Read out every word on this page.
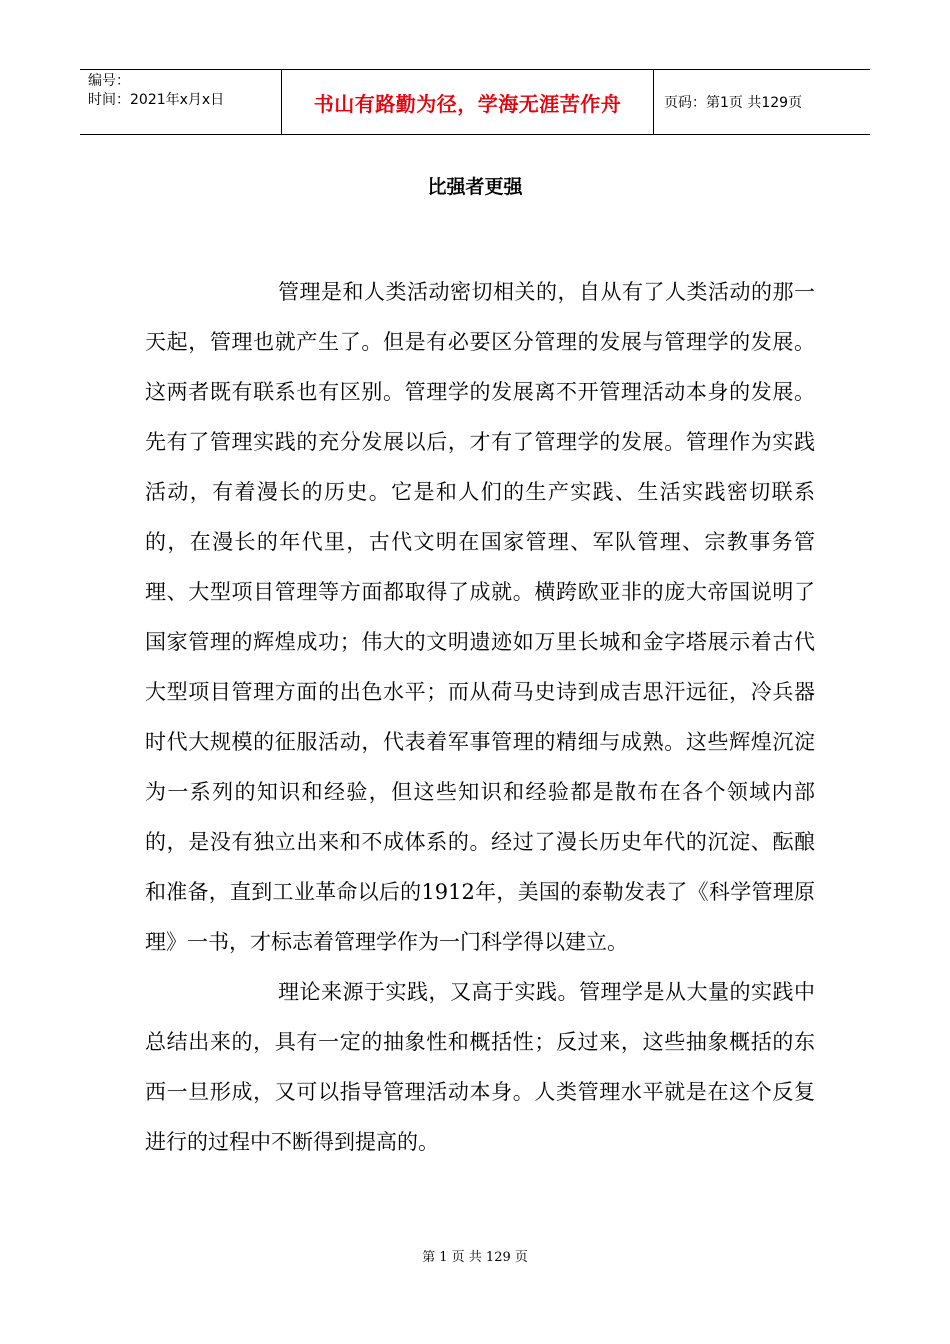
编号：
时间：2021年x月x日	书山有路勤为径，学海无涯苦作舟	页码：第1页 共129页
比强者更强

管理是和人类活动密切相关的，自从有了人类活动的那一天起，管理也就产生了。但是有必要区分管理的发展与管理学的发展。这两者既有联系也有区别。管理学的发展离不开管理活动本身的发展。先有了管理实践的充分发展以后，才有了管理学的发展。管理作为实践活动，有着漫长的历史。它是和人们的生产实践、生活实践密切联系的，在漫长的年代里，古代文明在国家管理、军队管理、宗教事务管理、大型项目管理等方面都取得了成就。横跨欧亚非的庞大帝国说明了国家管理的辉煌成功；伟大的文明遗迹如万里长城和金字塔展示着古代大型项目管理方面的出色水平；而从荷马史诗到成吉思汗远征，冷兵器时代大规模的征服活动，代表着军事管理的精细与成熟。这些辉煌沉淀为一系列的知识和经验，但这些知识和经验都是散布在各个领域内部的，是没有独立出来和不成体系的。经过了漫长历史年代的沉淀、酝酿和准备，直到工业革命以后的1912年，美国的泰勒发表了《科学管理原理》一书，才标志着管理学作为一门科学得以建立。

理论来源于实践，又高于实践。管理学是从大量的实践中总结出来的，具有一定的抽象性和概括性；反过来，这些抽象概括的东西一旦形成，又可以指导管理活动本身。人类管理水平就是在这个反复进行的过程中不断得到提高的。

第 1 页 共 129 页
